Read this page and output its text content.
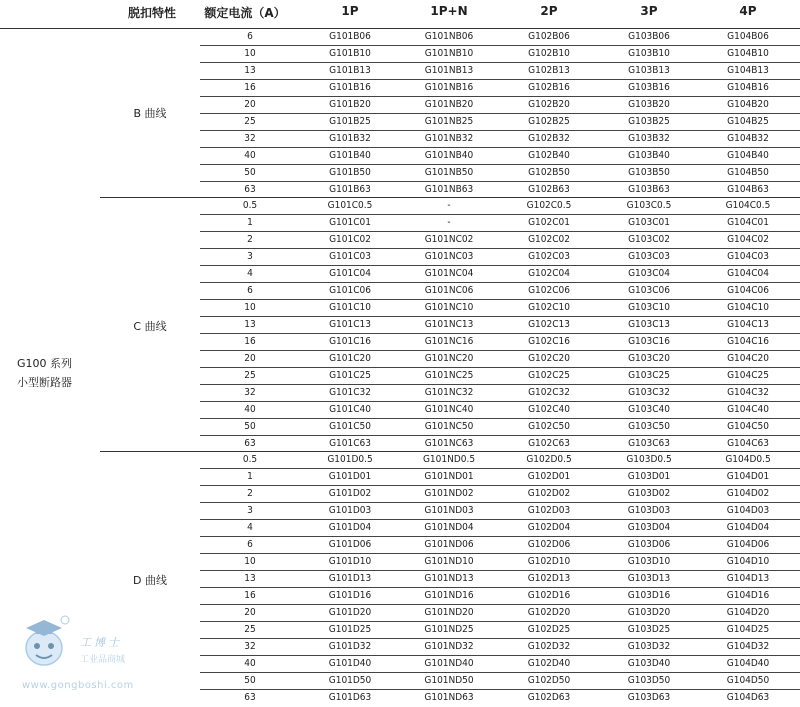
脱扣特性 额定电流（A）	1P	1P+N	2P	3P	4P
G100 系列
小型断路器
B 曲线
6	G101B06	G101NB06	G102B06	G103B06	G104B06
10	G101B10	G101NB10	G102B10	G103B10	G104B10
13	G101B13	G101NB13	G102B13	G103B13	G104B13
16	G101B16	G101NB16	G102B16	G103B16	G104B16
20	G101B20	G101NB20	G102B20	G103B20	G104B20
25	G101B25	G101NB25	G102B25	G103B25	G104B25
32	G101B32	G101NB32	G102B32	G103B32	G104B32
40	G101B40	G101NB40	G102B40	G103B40	G104B40
50	G101B50	G101NB50	G102B50	G103B50	G104B50
63	G101B63	G101NB63	G102B63	G103B63	G104B63
C 曲线
0.5	G101C0.5	-	G102C0.5	G103C0.5	G104C0.5
1	G101C01	-	G102C01	G103C01	G104C01
2	G101C02	G101NC02	G102C02	G103C02	G104C02
3	G101C03	G101NC03	G102C03	G103C03	G104C03
4	G101C04	G101NC04	G102C04	G103C04	G104C04
6	G101C06	G101NC06	G102C06	G103C06	G104C06
10	G101C10	G101NC10	G102C10	G103C10	G104C10
13	G101C13	G101NC13	G102C13	G103C13	G104C13
16	G101C16	G101NC16	G102C16	G103C16	G104C16
20	G101C20	G101NC20	G102C20	G103C20	G104C20
25	G101C25	G101NC25	G102C25	G103C25	G104C25
32	G101C32	G101NC32	G102C32	G103C32	G104C32
40	G101C40	G101NC40	G102C40	G103C40	G104C40
50	G101C50	G101NC50	G102C50	G103C50	G104C50
63	G101C63	G101NC63	G102C63	G103C63	G104C63
D 曲线
0.5	G101D0.5	G101ND0.5	G102D0.5	G103D0.5	G104D0.5
1	G101D01	G101ND01	G102D01	G103D01	G104D01
2	G101D02	G101ND02	G102D02	G103D02	G104D02
3	G101D03	G101ND03	G102D03	G103D03	G104D03
4	G101D04	G101ND04	G102D04	G103D04	G104D04
6	G101D06	G101ND06	G102D06	G103D06	G104D06
10	G101D10	G101ND10	G102D10	G103D10	G104D10
13	G101D13	G101ND13	G102D13	G103D13	G104D13
16	G101D16	G101ND16	G102D16	G103D16	G104D16
20	G101D20	G101ND20	G102D20	G103D20	G104D20
25	G101D25	G101ND25	G102D25	G103D25	G104D25
32	G101D32	G101ND32	G102D32	G103D32	G104D32
40	G101D40	G101ND40	G102D40	G103D40	G104D40
50	G101D50	G101ND50	G102D50	G103D50	G104D50
63	G101D63	G101ND63	G102D63	G103D63	G104D63
工博士
工业品商城
www.gongboshi.com
